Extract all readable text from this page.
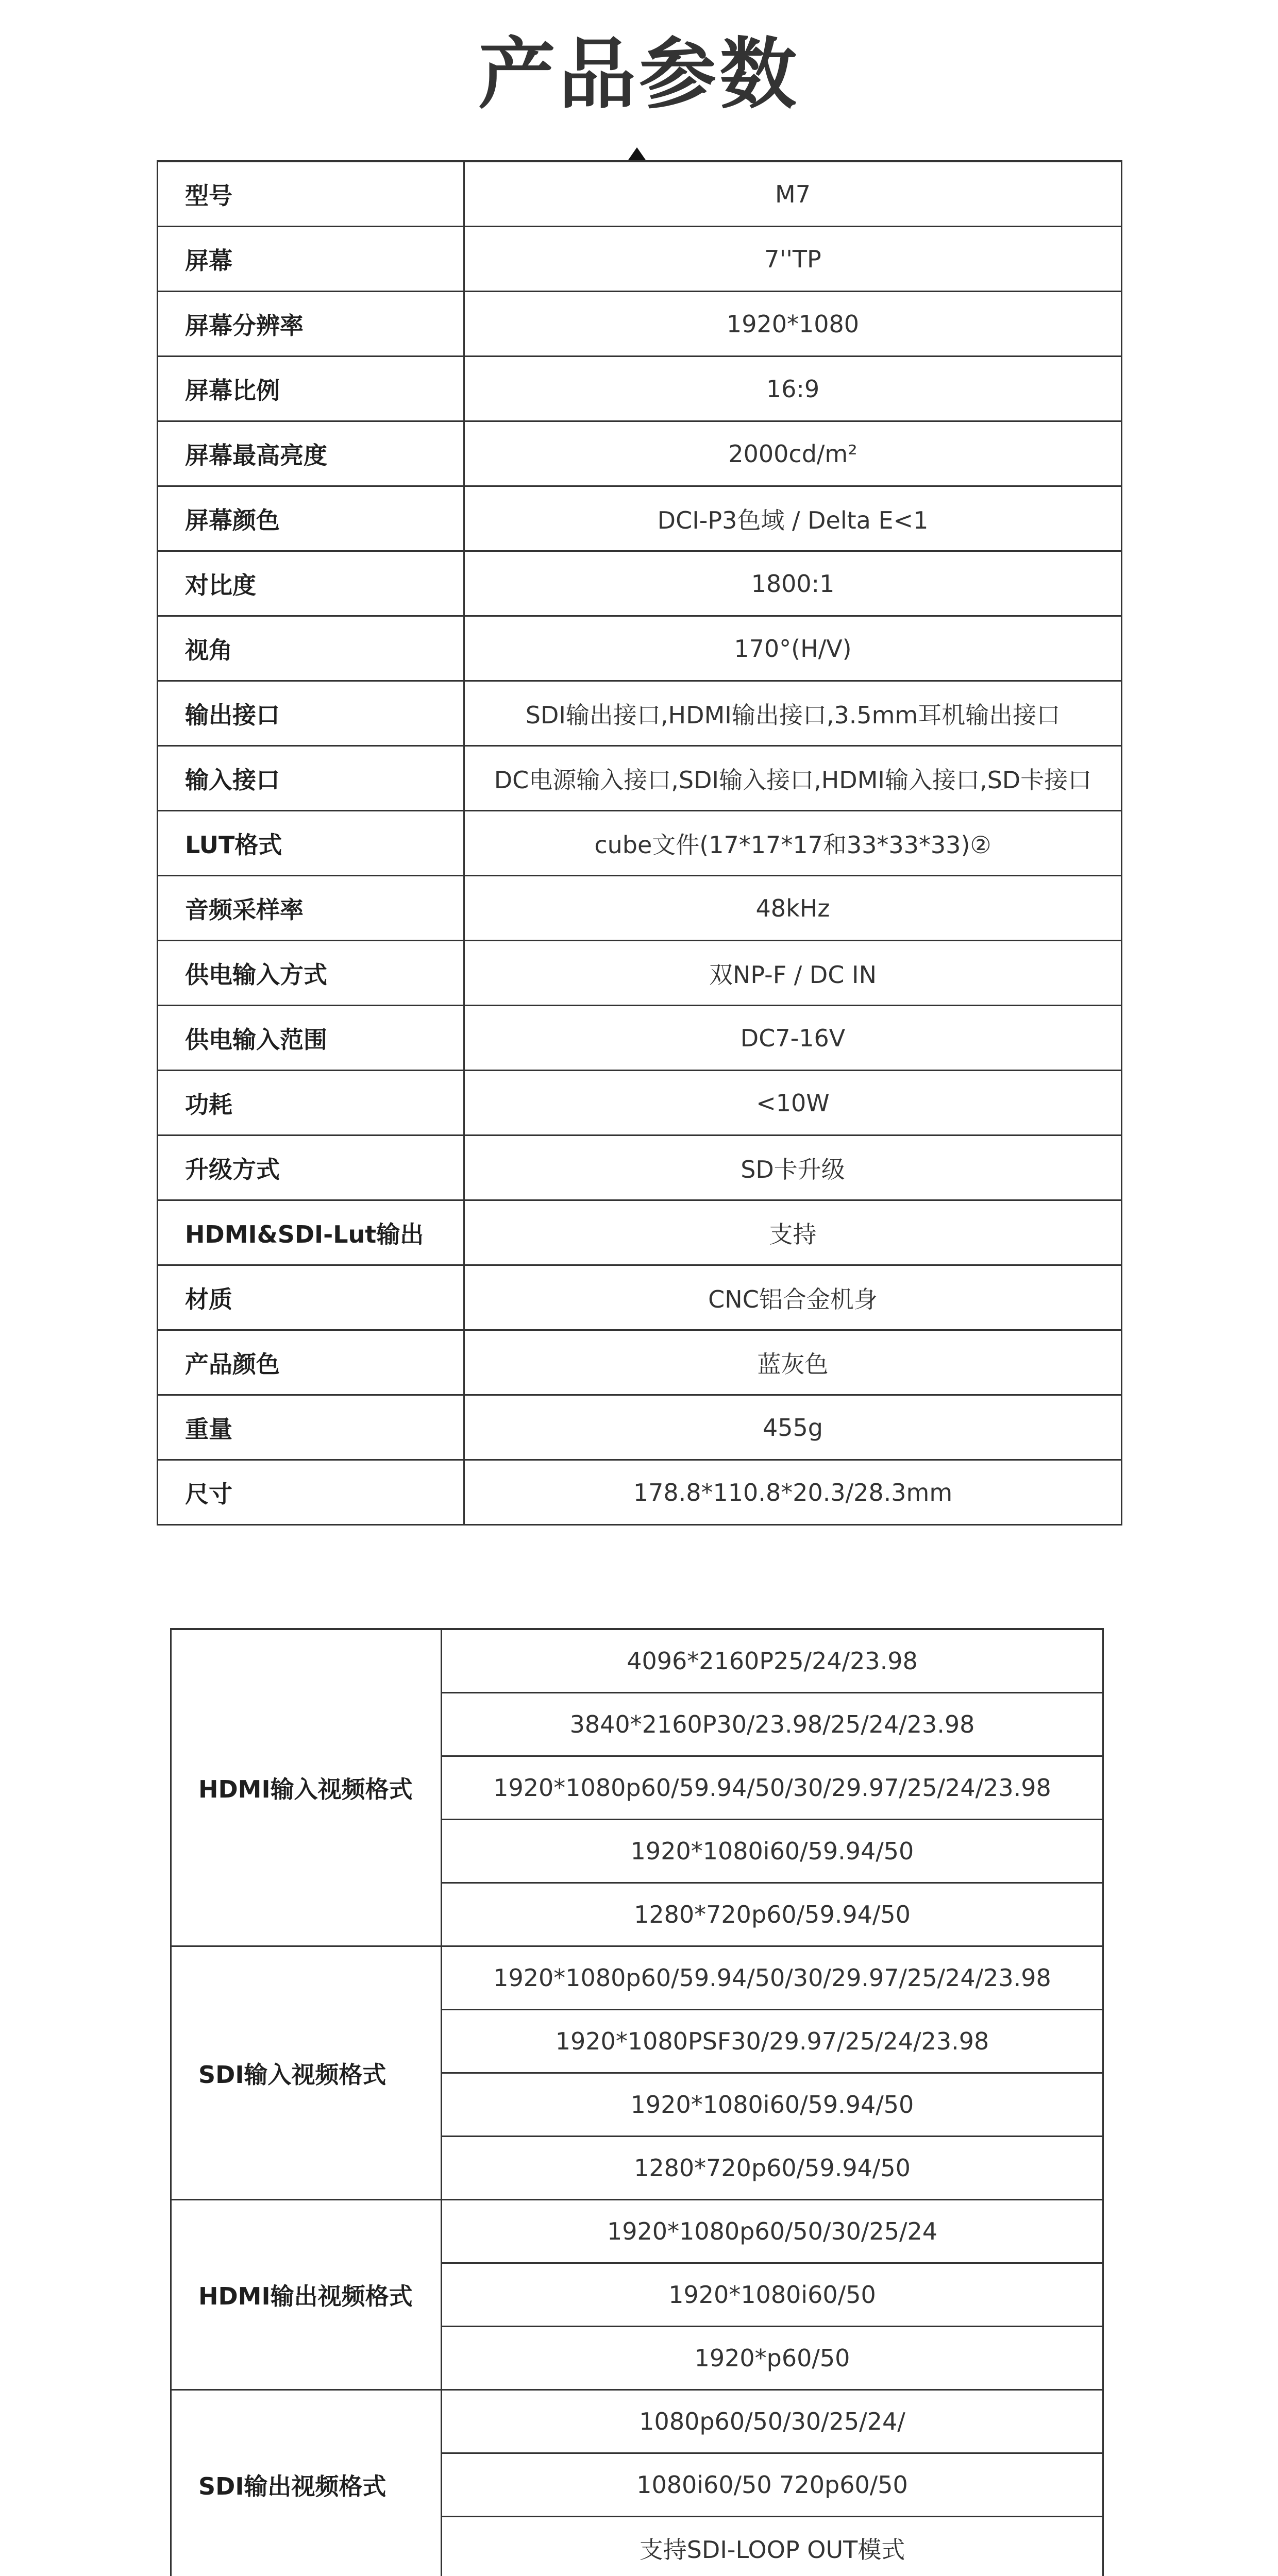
产品参数
型号	M7
屏幕	7''TP
屏幕分辨率	1920*1080
屏幕比例	16:9
屏幕最高亮度	2000cd/m²
屏幕颜色	DCI-P3色域 / Delta E<1
对比度	1800:1
视角	170°(H/V)
输出接口	SDI输出接口,HDMI输出接口,3.5mm耳机输出接口
输入接口	DC电源输入接口,SDI输入接口,HDMI输入接口,SD卡接口
LUT格式	cube文件(17*17*17和33*33*33)②
音频采样率	48kHz
供电输入方式	双NP-F / DC IN
供电输入范围	DC7-16V
功耗	<10W
升级方式	SD卡升级
HDMI&SDI-Lut输出	支持
材质	CNC铝合金机身
产品颜色	蓝灰色
重量	455g
尺寸	178.8*110.8*20.3/28.3mm
HDMI输入视频格式	4096*2160P25/24/23.98
	3840*2160P30/23.98/25/24/23.98
	1920*1080p60/59.94/50/30/29.97/25/24/23.98
	1920*1080i60/59.94/50
	1280*720p60/59.94/50
SDI输入视频格式	1920*1080p60/59.94/50/30/29.97/25/24/23.98
	1920*1080PSF30/29.97/25/24/23.98
	1920*1080i60/59.94/50
	1280*720p60/59.94/50
HDMI输出视频格式	1920*1080p60/50/30/25/24
	1920*1080i60/50
	1920*p60/50
SDI输出视频格式	1080p60/50/30/25/24/
	1080i60/50 720p60/50
	支持SDI-LOOP OUT模式
